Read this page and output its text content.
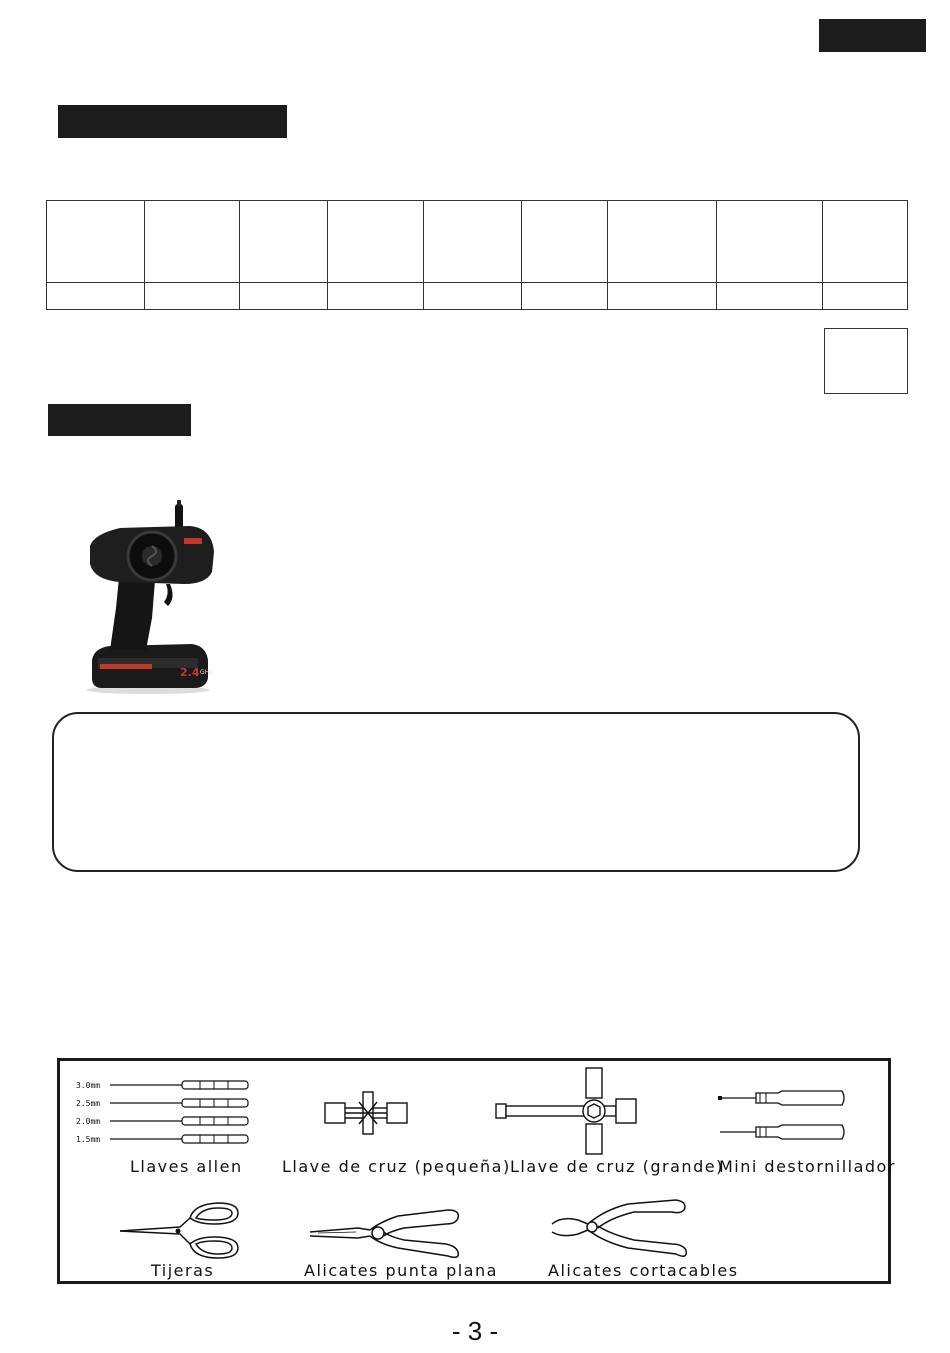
2.4 GHz
3.0mm
2.5mm
2.0mm
1.5mm
Llaves allen Llave de cruz (pequeña) Llave de cruz (grande)
Mini destornillador
Tijeras	Alicates punta plana	Alicates cortacables
- 3 -
